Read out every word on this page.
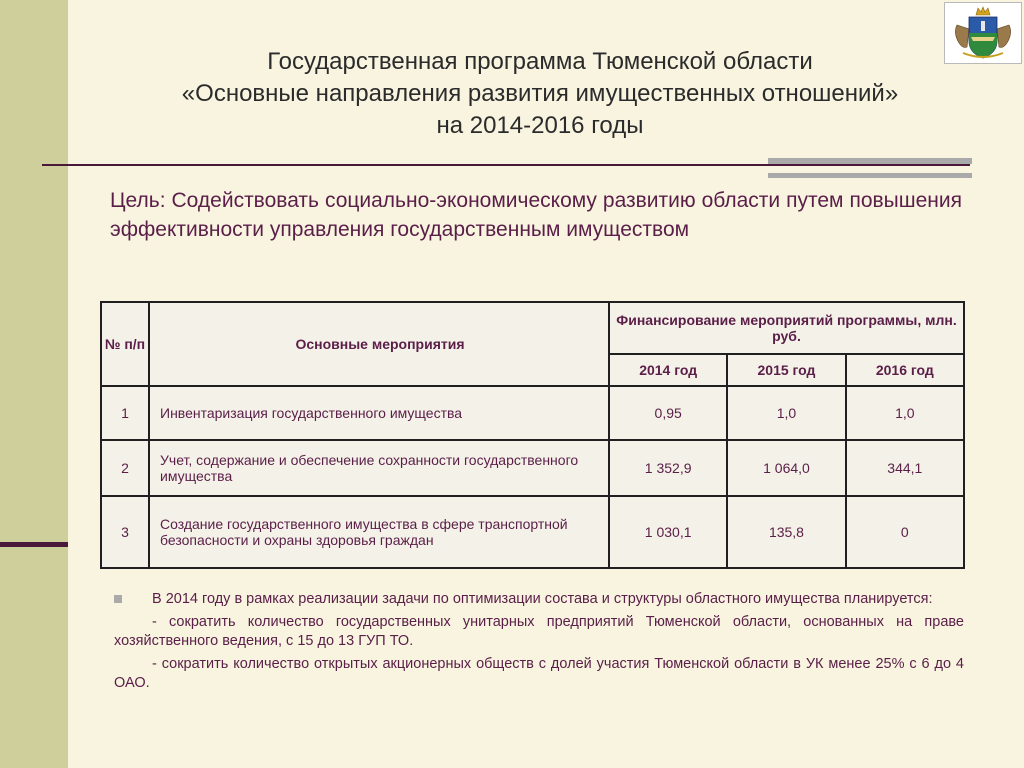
Государственная программа Тюменской области
«Основные направления развития имущественных отношений»
на 2014-2016 годы
Цель: Содействовать социально-экономическому развитию области путем повышения эффективности управления государственным имуществом
№ п/п	Основные мероприятия	Финансирование мероприятий программы, млн. руб.		
		2014 год	2015 год	2016 год
1	Инвентаризация государственного имущества	0,95	1,0	1,0
2	Учет, содержание и обеспечение сохранности государственного имущества	1 352,9	1 064,0	344,1
3	Создание государственного имущества в сфере транспортной безопасности и охраны здоровья граждан	1 030,1	135,8	0
В 2014 году в рамках реализации задачи по оптимизации состава и структуры областного имущества планируется:
- сократить количество государственных унитарных предприятий Тюменской области, основанных на праве хозяйственного ведения, с 15 до 13 ГУП ТО.
- сократить количество открытых акционерных обществ с долей участия Тюменской области в УК менее 25% с 6 до 4 ОАО.
